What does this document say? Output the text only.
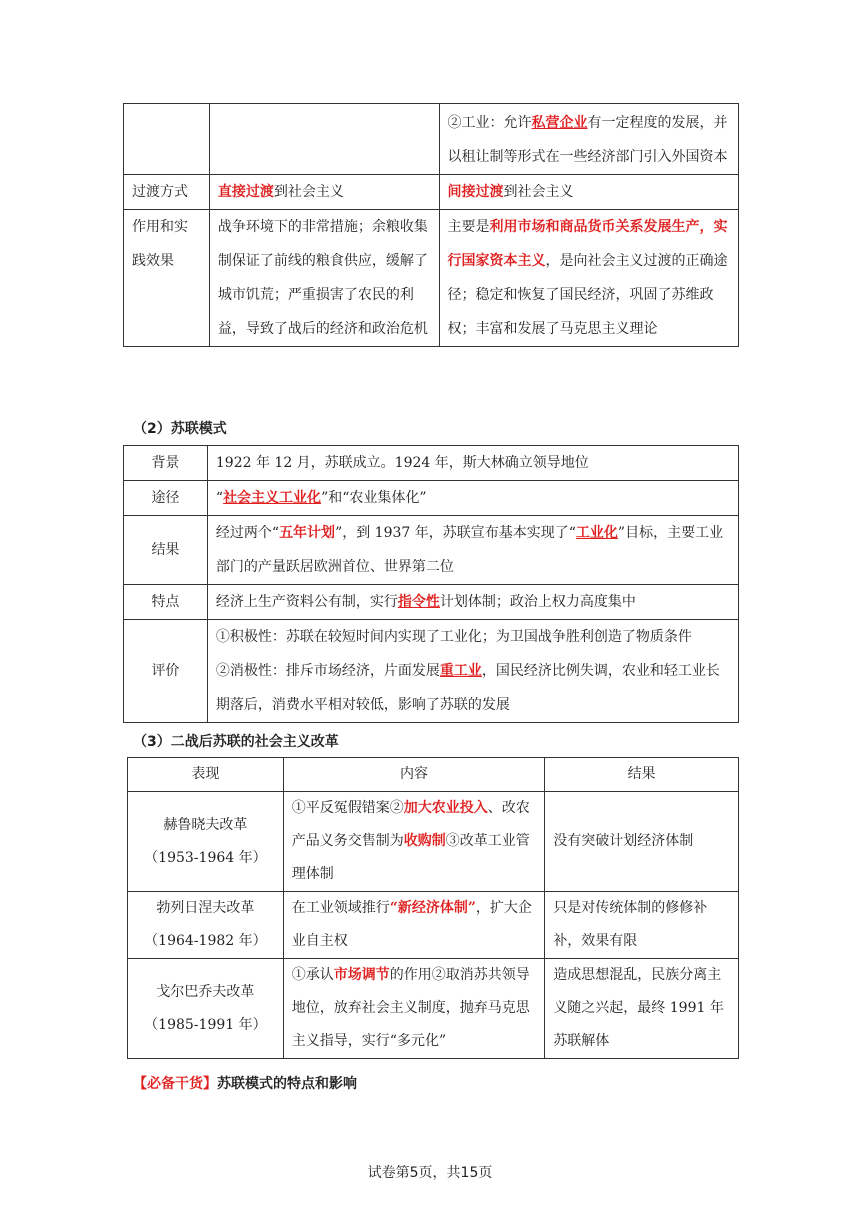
		②工业：允许私营企业有一定程度的发展，并以租让制等形式在一些经济部门引入外国资本
过渡方式	直接过渡到社会主义	间接过渡到社会主义
作用和实践效果	战争环境下的非常措施；余粮收集制保证了前线的粮食供应，缓解了城市饥荒；严重损害了农民的利益，导致了战后的经济和政治危机	主要是利用市场和商品货币关系发展生产，实行国家资本主义，是向社会主义过渡的正确途径；稳定和恢复了国民经济，巩固了苏维政权；丰富和发展了马克思主义理论
（2）苏联模式
背景	1922 年 12 月，苏联成立。1924 年，斯大林确立领导地位
途径	“社会主义工业化”和“农业集体化”
结果	经过两个“五年计划”，到 1937 年，苏联宣布基本实现了“工业化”目标，主要工业部门的产量跃居欧洲首位、世界第二位
特点	经济上生产资料公有制，实行指令性计划体制；政治上权力高度集中
评价	①积极性：苏联在较短时间内实现了工业化；为卫国战争胜利创造了物质条件
②消极性：排斥市场经济，片面发展重工业，国民经济比例失调，农业和轻工业长期落后，消费水平相对较低，影响了苏联的发展
（3）二战后苏联的社会主义改革
表现	内容	结果

赫鲁晓夫改革
（1953-1964 年）	①平反冤假错案②加大农业投入、改农产品义务交售制为收购制③改革工业管理体制	没有突破计划经济体制

勃列日涅夫改革
（1964-1982 年）	在工业领域推行“新经济体制”，扩大企业自主权	只是对传统体制的修修补补，效果有限

戈尔巴乔夫改革
（1985-1991 年）	①承认市场调节的作用②取消苏共领导地位，放弃社会主义制度，抛弃马克思主义指导，实行“多元化”	造成思想混乱，民族分离主义随之兴起，最终 1991 年苏联解体
【必备干货】苏联模式的特点和影响
试卷第5页，共15页
